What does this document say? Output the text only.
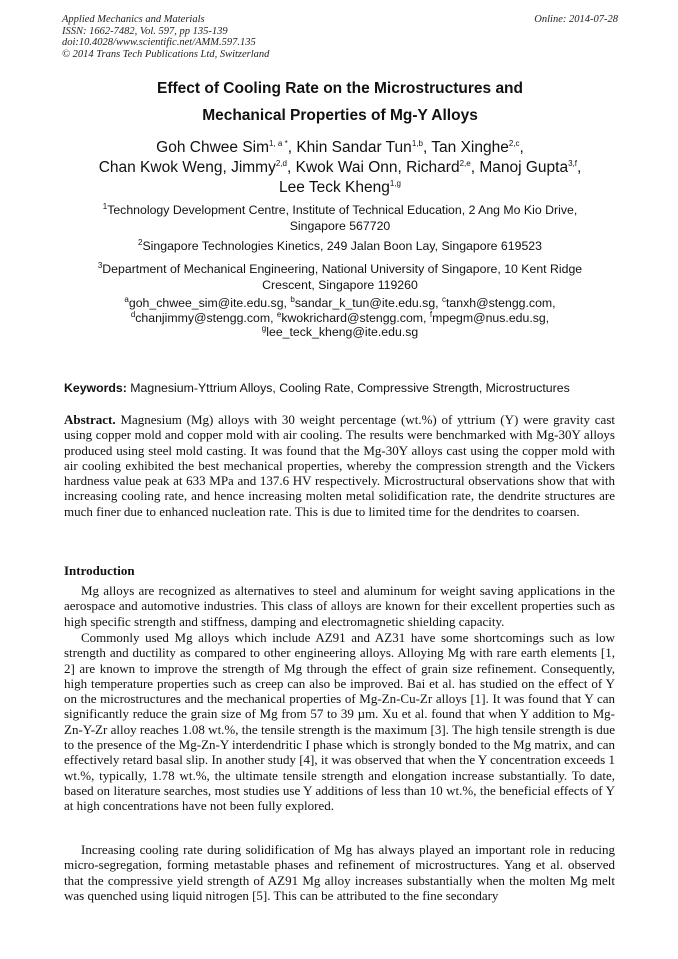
Applied Mechanics and Materials
ISSN: 1662-7482, Vol. 597, pp 135-139
doi:10.4028/www.scientific.net/AMM.597.135
© 2014 Trans Tech Publications Ltd, Switzerland
Online: 2014-07-28
Effect of Cooling Rate on the Microstructures and
Mechanical Properties of Mg-Y Alloys
Goh Chwee Sim$^{1, a *}$, Khin Sandar Tun$^{1,b}$, Tan Xinghe$^{2,c}$,
Chan Kwok Weng, Jimmy$^{2,d}$, Kwok Wai Onn, Richard$^{2,e}$, Manoj Gupta$^{3,f}$,
Lee Teck Kheng$^{1,g}$
$^1$Technology Development Centre, Institute of Technical Education, 2 Ang Mo Kio Drive,
Singapore 567720
$^2$Singapore Technologies Kinetics, 249 Jalan Boon Lay, Singapore 619523
$^3$Department of Mechanical Engineering, National University of Singapore, 10 Kent Ridge
Crescent, Singapore 119260
$^a$goh_chwee_sim@ite.edu.sg, $^b$sandar_k_tun@ite.edu.sg, $^c$tanxh@stengg.com,
$^d$chanjimmy@stengg.com, $^e$kwokrichard@stengg.com, $^f$mpegm@nus.edu.sg,
$^g$lee_teck_kheng@ite.edu.sg
Keywords: Magnesium-Yttrium Alloys, Cooling Rate, Compressive Strength, Microstructures
Abstract. Magnesium (Mg) alloys with 30 weight percentage (wt.%) of yttrium (Y) were gravity cast using copper mold and copper mold with air cooling. The results were benchmarked with Mg-30Y alloys produced using steel mold casting. It was found that the Mg-30Y alloys cast using the copper mold with air cooling exhibited the best mechanical properties, whereby the compression strength and the Vickers hardness value peak at 633 MPa and 137.6 HV respectively. Microstructural observations show that with increasing cooling rate, and hence increasing molten metal solidification rate, the dendrite structures are much finer due to enhanced nucleation rate. This is due to limited time for the dendrites to coarsen.
Introduction
Mg alloys are recognized as alternatives to steel and aluminum for weight saving applications in the aerospace and automotive industries. This class of alloys are known for their excellent properties such as high specific strength and stiffness, damping and electromagnetic shielding capacity.
Commonly used Mg alloys which include AZ91 and AZ31 have some shortcomings such as low strength and ductility as compared to other engineering alloys. Alloying Mg with rare earth elements [1, 2] are known to improve the strength of Mg through the effect of grain size refinement. Consequently, high temperature properties such as creep can also be improved. Bai et al. has studied on the effect of Y on the microstructures and the mechanical properties of Mg-Zn-Cu-Zr alloys [1]. It was found that Y can significantly reduce the grain size of Mg from 57 to 39 µm. Xu et al. found that when Y addition to Mg-Zn-Y-Zr alloy reaches 1.08 wt.%, the tensile strength is the maximum [3]. The high tensile strength is due to the presence of the Mg-Zn-Y interdendritic I phase which is strongly bonded to the Mg matrix, and can effectively retard basal slip. In another study [4], it was observed that when the Y concentration exceeds 1 wt.%, typically, 1.78 wt.%, the ultimate tensile strength and elongation increase substantially. To date, based on literature searches, most studies use Y additions of less than 10 wt.%, the beneficial effects of Y at high concentrations have not been fully explored.
Increasing cooling rate during solidification of Mg has always played an important role in reducing micro-segregation, forming metastable phases and refinement of microstructures. Yang et al. observed that the compressive yield strength of AZ91 Mg alloy increases substantially when the molten Mg melt was quenched using liquid nitrogen [5]. This can be attributed to the fine secondary
